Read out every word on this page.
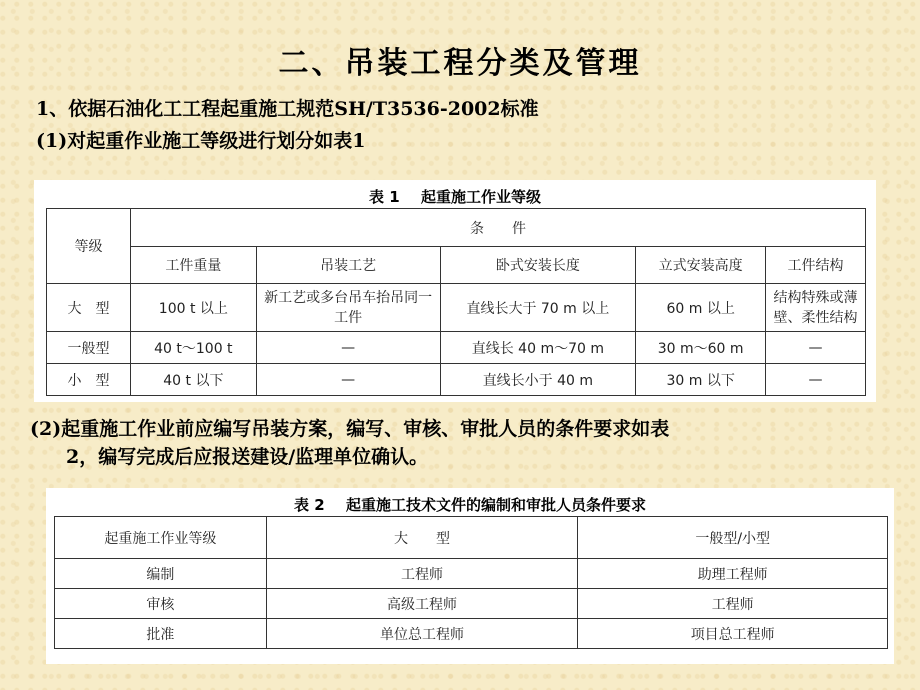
二、吊装工程分类及管理
1、依据石油化工工程起重施工规范SH/T3536-2002标准
(1)对起重作业施工等级进行划分如表1
表 1 起重施工作业等级
等级	条　　件				
	工件重量	吊装工艺	卧式安装长度	立式安装高度	工件结构
大　型	100 t 以上	新工艺或多台吊车抬吊同一工件	直线长大于 70 m 以上	60 m 以上	结构特殊或薄壁、柔性结构
一般型	40 t～100 t	—	直线长 40 m～70 m	30 m～60 m	—
小　型	40 t 以下	—	直线长小于 40 m	30 m 以下	—
(2)起重施工作业前应编写吊装方案，编写、审核、审批人员的条件要求如表
2，编写完成后应报送建设/监理单位确认。
表 2 起重施工技术文件的编制和审批人员条件要求
起重施工作业等级	大　　型	一般型/小型
编制	工程师	助理工程师
审核	高级工程师	工程师
批准	单位总工程师	项目总工程师
